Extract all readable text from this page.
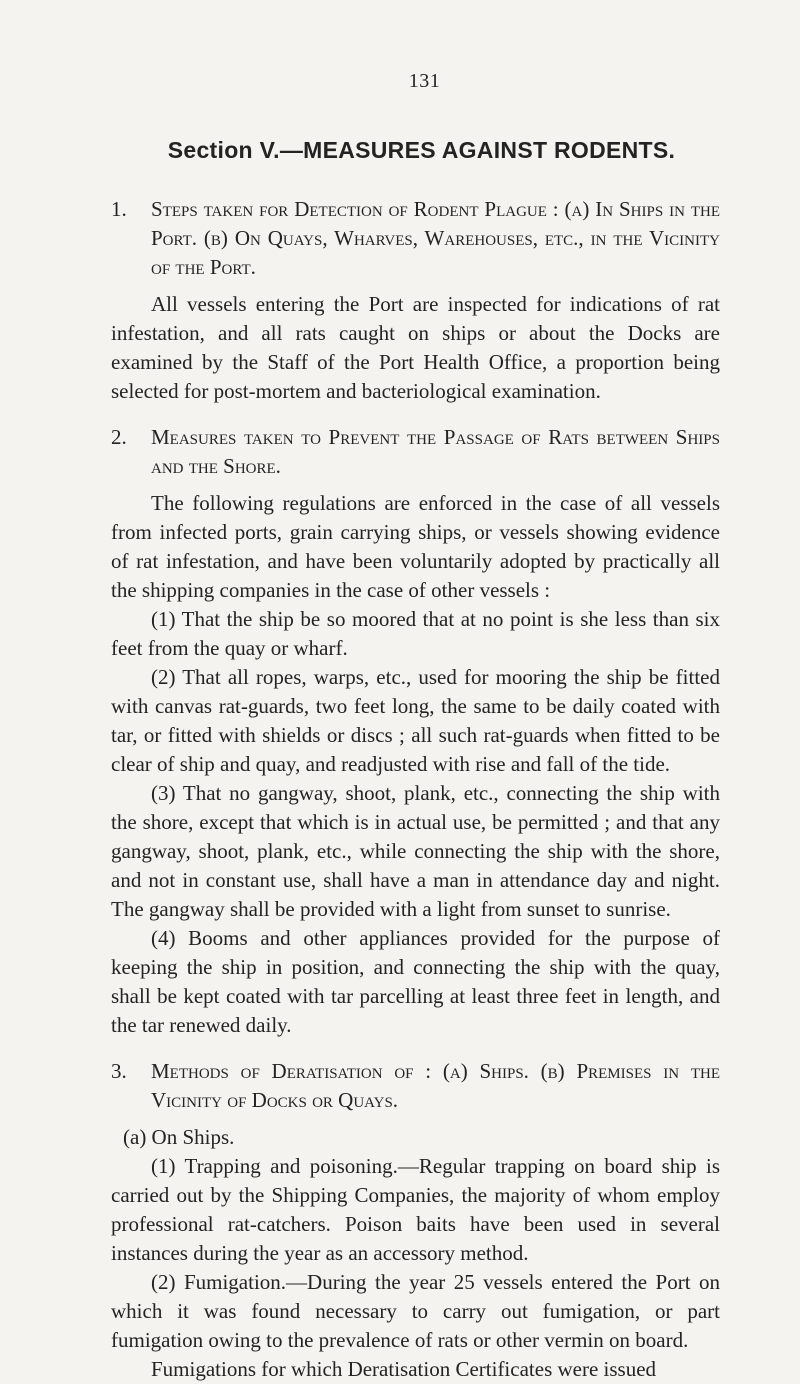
131
Section V.—MEASURES AGAINST RODENTS.

1. Steps taken for Detection of Rodent Plague : (a) In Ships in the Port. (b) On Quays, Wharves, Warehouses, etc., in the Vicinity of the Port.

All vessels entering the Port are inspected for indications of rat infestation, and all rats caught on ships or about the Docks are examined by the Staff of the Port Health Office, a proportion being selected for post-mortem and bacteriological examination.

2. Measures taken to Prevent the Passage of Rats between Ships and the Shore.

The following regulations are enforced in the case of all vessels from infected ports, grain carrying ships, or vessels showing evidence of rat infestation, and have been voluntarily adopted by practically all the shipping companies in the case of other vessels :

(1) That the ship be so moored that at no point is she less than six feet from the quay or wharf.

(2) That all ropes, warps, etc., used for mooring the ship be fitted with canvas rat-guards, two feet long, the same to be daily coated with tar, or fitted with shields or discs ; all such rat-guards when fitted to be clear of ship and quay, and readjusted with rise and fall of the tide.

(3) That no gangway, shoot, plank, etc., connecting the ship with the shore, except that which is in actual use, be permitted ; and that any gangway, shoot, plank, etc., while connecting the ship with the shore, and not in constant use, shall have a man in attendance day and night. The gangway shall be provided with a light from sunset to sunrise.

(4) Booms and other appliances provided for the purpose of keeping the ship in position, and connecting the ship with the quay, shall be kept coated with tar parcelling at least three feet in length, and the tar renewed daily.

3. Methods of Deratisation of : (a) Ships. (b) Premises in the Vicinity of Docks or Quays.

(a) On Ships.

(1) Trapping and poisoning.—Regular trapping on board ship is carried out by the Shipping Companies, the majority of whom employ professional rat-catchers. Poison baits have been used in several instances during the year as an accessory method.

(2) Fumigation.—During the year 25 vessels entered the Port on which it was found necessary to carry out fumigation, or part fumigation owing to the prevalence of rats or other vermin on board.

Fumigations for which Deratisation Certificates were issued
